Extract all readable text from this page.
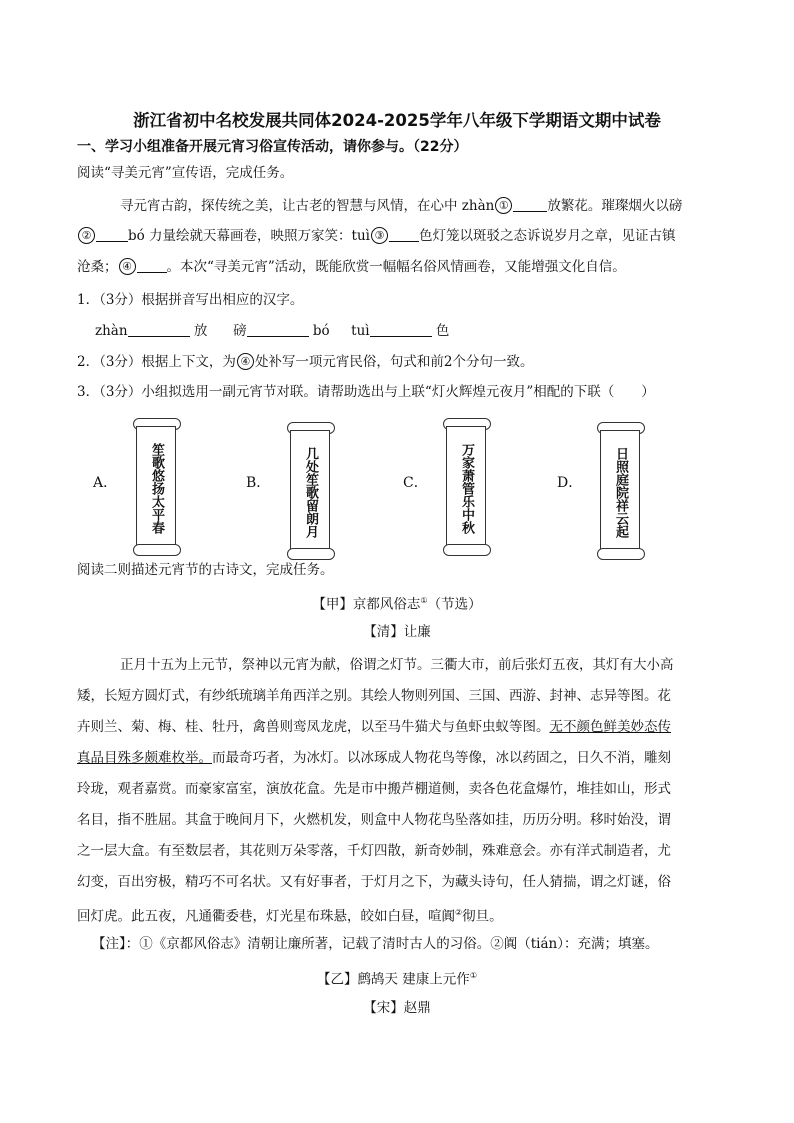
浙江省初中名校发展共同体2024-2025学年八年级下学期语文期中试卷
一、学习小组准备开展元宵习俗宣传活动，请你参与。（22分）
阅读“寻美元宵”宣传语，完成任务。
寻元宵古韵，探传统之美，让古老的智慧与风情，在心中 zhàn ①	放繁花。璀璨烟火以磅
②	bó 力量绘就天幕画卷，映照万家笑：tuì ③	色灯笼以斑驳之态诉说岁月之章，见证古镇
沧桑； ④	。本次“寻美元宵”活动，既能欣赏一幅幅名俗风情画卷，又能增强文化自信。
1．（3分）根据拼音写出相应的汉字。
zhàn	放 磅	bó tuì	色
2．（3分）根据上下文，为 ④ 处补写一项元宵民俗，句式和前2个分句一致。
3．（3分）小组拟选用一副元宵节对联。请帮助选出与上联“灯火辉煌元夜月”相配的下联（　　）
A． 笙歌悠扬太平春	B．	几处笙歌留朗月	C． 万家萧管乐中秋	D． 日照庭院祥云起
阅读二则描述元宵节的古诗文，完成任务。
【甲】京都风俗志①（节选）
【清】让廉
正月十五为上元节，祭神以元宵为献，俗谓之灯节。三衢大市，前后张灯五夜，其灯有大小高
矮，长短方圆灯式，有纱纸琉璃羊角西洋之别。其绘人物则列国、三国、西游、封神、志异等图。花
卉则兰、菊、梅、桂、牡丹，禽兽则鸾凤龙虎，以至马牛猫犬与鱼虾虫蚁等图。无不颜色鲜美妙态传
真品目殊多颇难枚举。而最奇巧者，为冰灯。以冰琢成人物花鸟等像，冰以药固之，日久不消，雕刻
玲珑，观者嘉赏。而豪家富室，演放花盒。先是市中搬芦棚道侧，卖各色花盒爆竹，堆挂如山，形式
名目，指不胜屈。其盒于晚间月下，火燃机发，则盒中人物花鸟坠落如挂，历历分明。移时始没，谓
之一层大盒。有至数层者，其花则万朵零落，千灯四散，新奇妙制，殊难意会。亦有洋式制造者，尤
幻变，百出穷极，精巧不可名状。又有好事者，于灯月之下，为藏头诗句，任人猜揣，谓之灯谜，俗
回灯虎。此五夜，凡通衢委巷，灯光星布珠悬，皎如白昼，喧阗②彻旦。
【注】：①《京都风俗志》清朝让廉所著，记载了清时古人的习俗。②阗（tián）：充满；填塞。
【乙】鹧鸪天 建康上元作①
【宋】赵鼎
